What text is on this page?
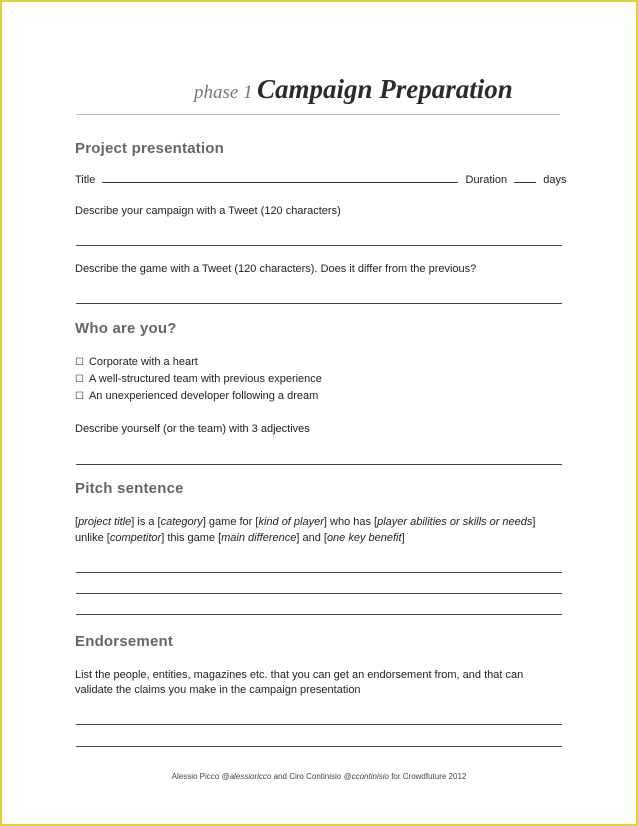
phase 1 Campaign Preparation
Project presentation
Title	Duration	days
Describe your campaign with a Tweet (120 characters)
Describe the game with a Tweet (120 characters). Does it differ from the previous?
Who are you?
☐ Corporate with a heart
☐ A well-structured team with previous experience
☐ An unexperienced developer following a dream
Describe yourself (or the team) with 3 adjectives
Pitch sentence
[project title] is a [category] game for [kind of player] who has [player abilities or skills or needs]
unlike [competitor] this game [main difference] and [one key benefit]
Endorsement
List the people, entities, magazines etc. that you can get an endorsement from, and that can
validate the claims you make in the campaign presentation
Alessio Picco @alessioricco and Ciro Continisio @ccontinisio for Crowdfuture 2012
